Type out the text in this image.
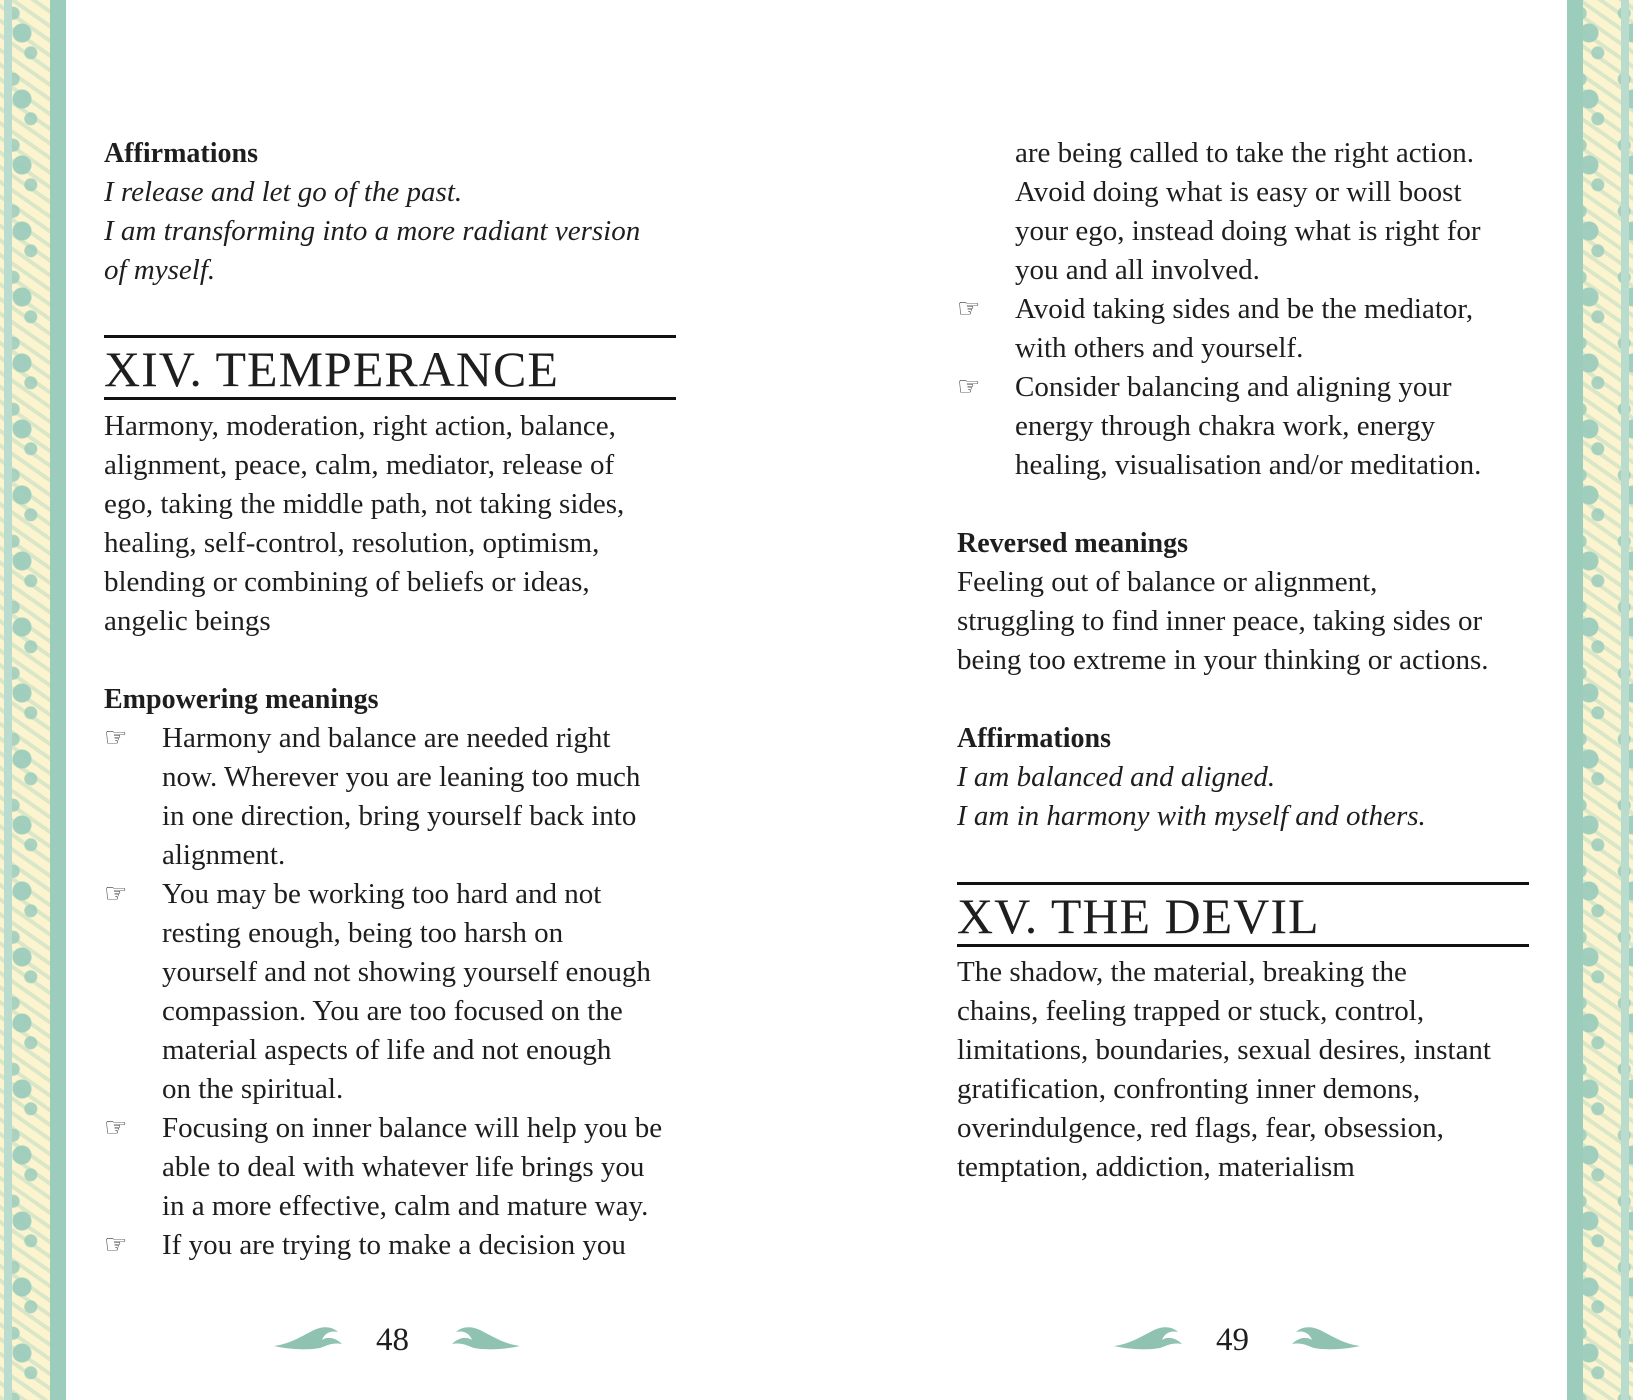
Affirmations
I release and let go of the past.
I am transforming into a more radiant version
of myself.
XIV. TEMPERANCE
Harmony, moderation, right action, balance,
alignment, peace, calm, mediator, release of
ego, taking the middle path, not taking sides,
healing, self-control, resolution, optimism,
blending or combining of beliefs or ideas,
angelic beings
Empowering meanings
☞ Harmony and balance are needed right
now. Wherever you are leaning too much
in one direction, bring yourself back into
alignment.
☞ You may be working too hard and not
resting enough, being too harsh on
yourself and not showing yourself enough
compassion. You are too focused on the
material aspects of life and not enough
on the spiritual.
☞ Focusing on inner balance will help you be
able to deal with whatever life brings you
in a more effective, calm and mature way.
☞ If you are trying to make a decision you
48
are being called to take the right action.
Avoid doing what is easy or will boost
your ego, instead doing what is right for
you and all involved.
☞ Avoid taking sides and be the mediator,
with others and yourself.
☞ Consider balancing and aligning your
energy through chakra work, energy
healing, visualisation and/or meditation.
Reversed meanings
Feeling out of balance or alignment,
struggling to find inner peace, taking sides or
being too extreme in your thinking or actions.
Affirmations
I am balanced and aligned.
I am in harmony with myself and others.
XV. THE DEVIL
The shadow, the material, breaking the
chains, feeling trapped or stuck, control,
limitations, boundaries, sexual desires, instant
gratification, confronting inner demons,
overindulgence, red flags, fear, obsession,
temptation, addiction, materialism
49
